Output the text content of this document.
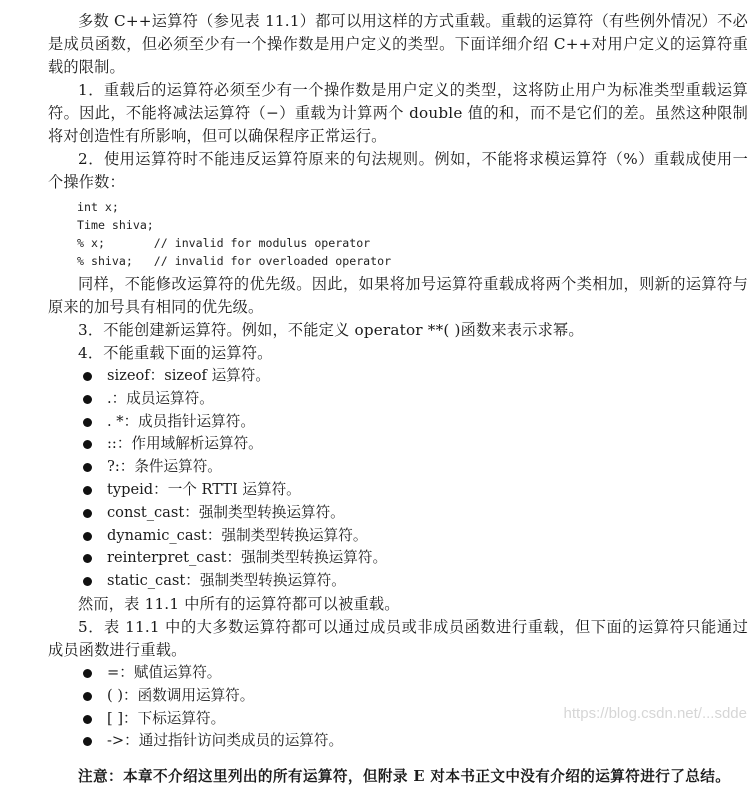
多数 C++运算符（参见表 11.1）都可以用这样的方式重载。重载的运算符（有些例外情况）不必是成员函数，但必须至少有一个操作数是用户定义的类型。下面详细介绍 C++对用户定义的运算符重载的限制。

1．重载后的运算符必须至少有一个操作数是用户定义的类型，这将防止用户为标准类型重载运算符。因此，不能将减法运算符（−）重载为计算两个 double 值的和，而不是它们的差。虽然这种限制将对创造性有所影响，但可以确保程序正常运行。

2．使用运算符时不能违反运算符原来的句法规则。例如，不能将求模运算符（%）重载成使用一个操作数：

int x;
Time shiva;
% x;       // invalid for modulus operator
% shiva;   // invalid for overloaded operator

同样，不能修改运算符的优先级。因此，如果将加号运算符重载成将两个类相加，则新的运算符与原来的加号具有相同的优先级。

3．不能创建新运算符。例如，不能定义 operator **( )函数来表示求幂。

4．不能重载下面的运算符。

sizeof：sizeof 运算符。
.：成员运算符。
. *：成员指针运算符。
::：作用域解析运算符。
?:：条件运算符。
typeid：一个 RTTI 运算符。
const_cast：强制类型转换运算符。
dynamic_cast：强制类型转换运算符。
reinterpret_cast：强制类型转换运算符。
static_cast：强制类型转换运算符。

然而，表 11.1 中所有的运算符都可以被重载。

5．表 11.1 中的大多数运算符都可以通过成员或非成员函数进行重载，但下面的运算符只能通过成员函数进行重载。

=：赋值运算符。
( )：函数调用运算符。
[ ]：下标运算符。
->：通过指针访问类成员的运算符。

注意：本章不介绍这里列出的所有运算符，但附录 E 对本书正文中没有介绍的运算符进行了总结。

https://blog.csdn.net/...sdde
